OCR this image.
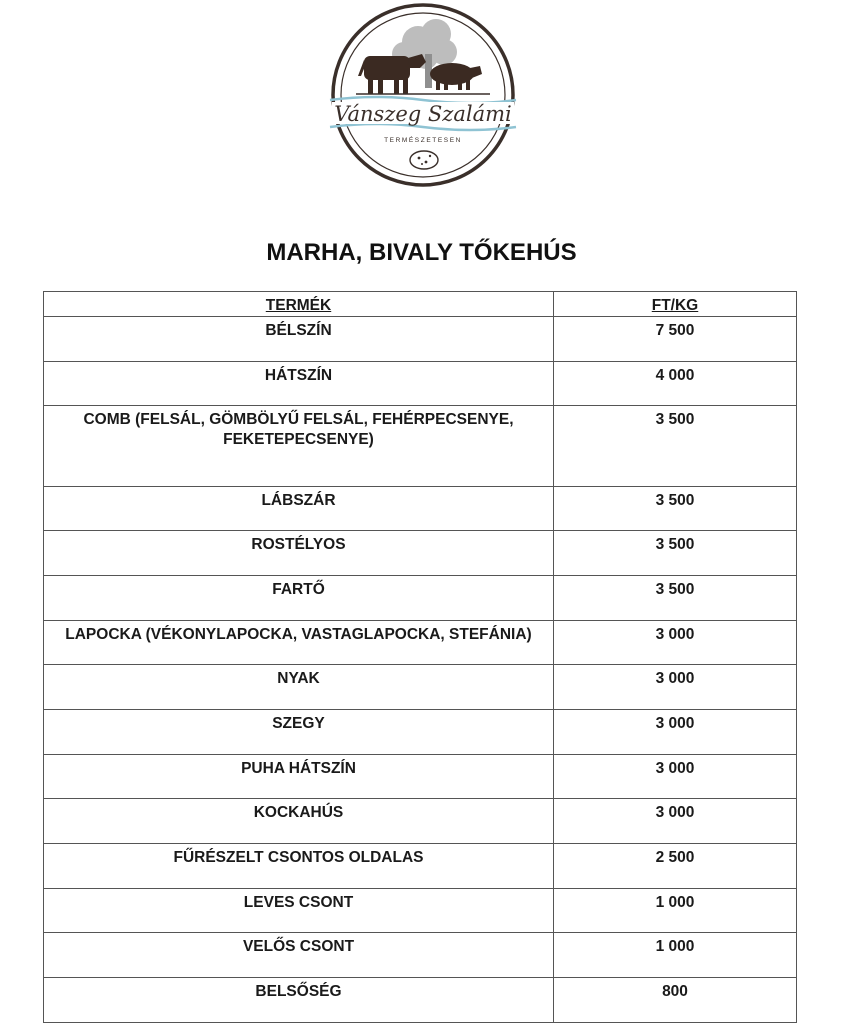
Vánszeg Szalámi
TERMÉSZETESEN
MARHA, BIVALY TŐKEHÚS
TERMÉK	FT/KG
BÉLSZÍN	7 500
HÁTSZÍN	4 000
COMB (FELSÁL, GÖMBÖLYŰ FELSÁL, FEHÉRPECSENYE, FEKETEPECSENYE)	3 500
LÁBSZÁR	3 500
ROSTÉLYOS	3 500
FARTŐ	3 500
LAPOCKA (VÉKONYLAPOCKA, VASTAGLAPOCKA, STEFÁNIA)	3 000
NYAK	3 000
SZEGY	3 000
PUHA HÁTSZÍN	3 000
KOCKAHÚS	3 000
FŰRÉSZELT CSONTOS OLDALAS	2 500
LEVES CSONT	1 000
VELŐS CSONT	1 000
BELSŐSÉG	800
